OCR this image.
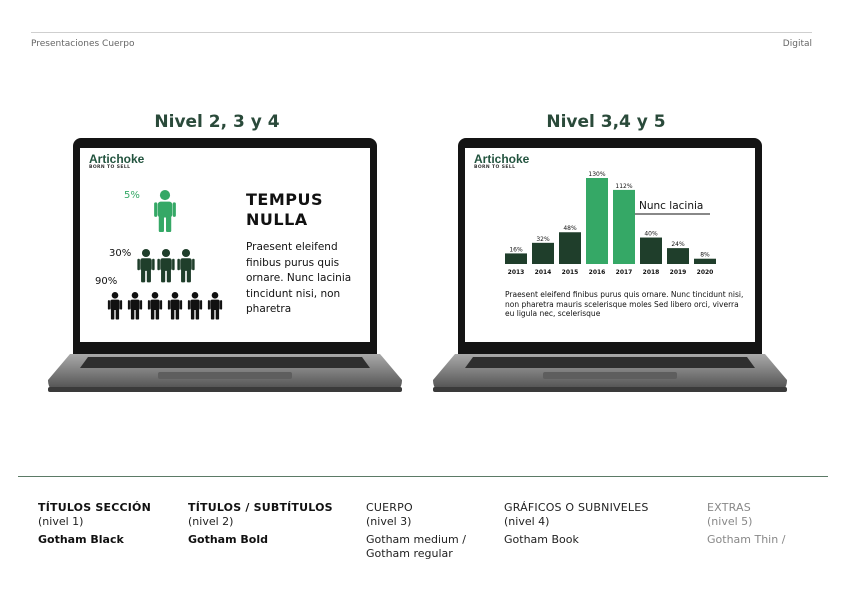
Presentaciones Cuerpo	Digital
Nivel 2, 3 y 4
Artichoke
BORN TO SELL
5%
30%
90%
TEMPUS NULLA
Praesent eleifend finibus purus quis ornare. Nunc lacinia tincidunt nisi, non pharetra
Nivel 3,4 y 5
Artichoke
BORN TO SELL
16%
2013
32%
2014
48%
2015
130%
2016
112%
2017
40%
2018
24%
2019
8%
2020
Nunc lacinia
Praesent eleifend finibus purus quis ornare. Nunc tincidunt nisi, non pharetra mauris scelerisque moles Sed libero orci, viverra eu ligula nec, scelerisque
TÍTULOS SECCIÓN
(nivel 1)
Gotham Black
TÍTULOS / SUBTÍTULOS
(nivel 2)
Gotham Bold
CUERPO
(nivel 3)
Gotham medium / Gotham regular
GRÁFICOS O SUBNIVELES
(nivel 4)
Gotham Book
EXTRAS
(nivel 5)
Gotham Thin /
